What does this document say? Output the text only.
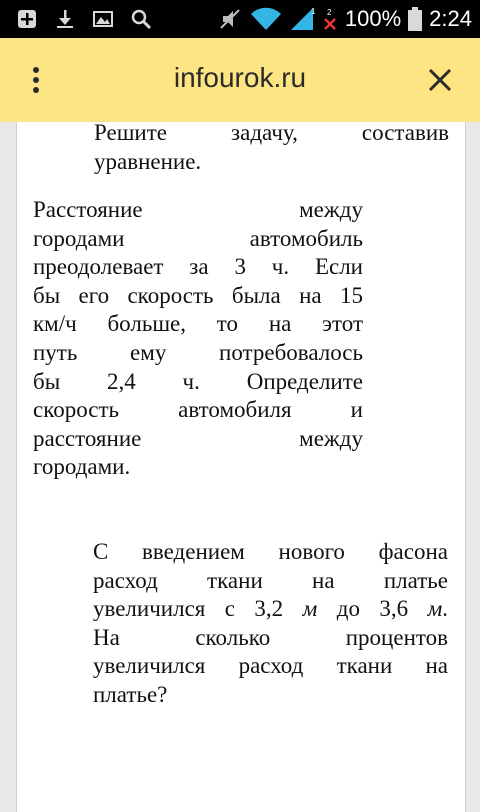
1 2 100% 2:24
infourok.ru
Решите задачу, составив
уравнение.
Расстояние между
городами автомобиль
преодолевает за 3 ч. Если
бы его скорость была на 15
км/ч больше, то на этот
путь ему потребовалось
бы 2,4 ч. Определите
скорость автомобиля и
расстояние между
городами.
С введением нового фасона
расход ткани на платье
увеличился с 3,2 м до 3,6 м.
На сколько процентов
увеличился расход ткани на
платье?
